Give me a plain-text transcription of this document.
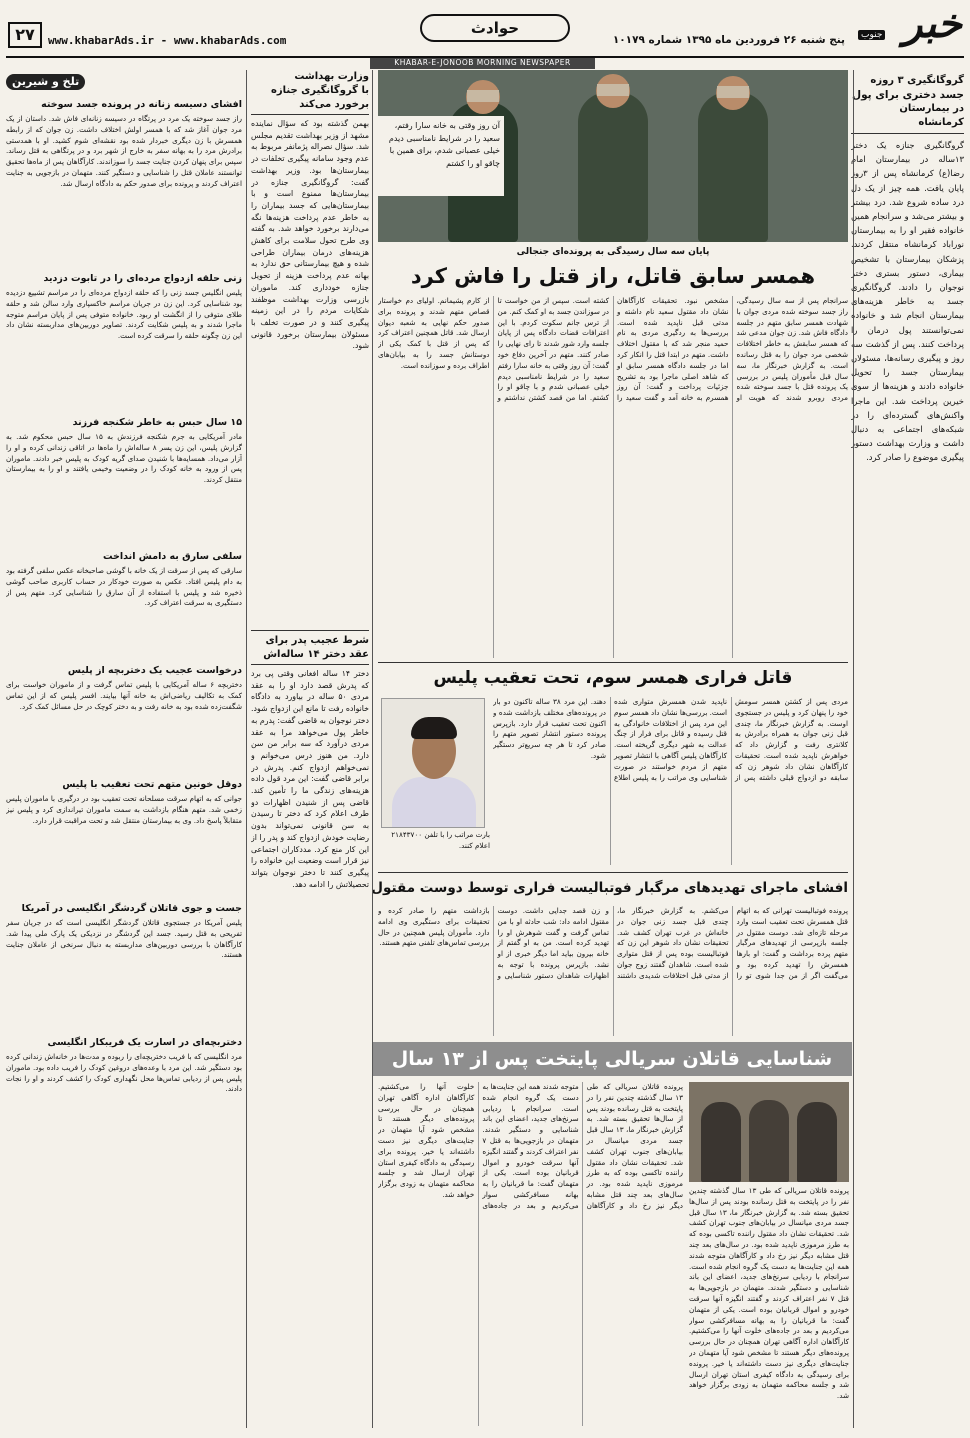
خبر
جنوب
پنج شنبه ۲۶ فروردین ماه ۱۳۹۵ شماره ۱۰۱۷۹
حوادث
www.khabarAds.ir - www.khabarAds.com
۲۷
KHABAR-E-JONOOB MORNING NEWSPAPER
گروگانگیری ۳ روزه
جسد دختری برای پول
در بیمارستان کرمانشاه
گروگانگیری جنازه یک دختر ۱۳ساله در بیمارستان امام رضا(ع) کرمانشاه پس از ۳روز پایان یافت. همه چیز از یک دل درد ساده شروع شد. درد بیشتر و بیشتر می‌شد و سرانجام همین خانواده فقیر او را به بیمارستان نوراباد کرمانشاه منتقل کردند. پزشکان بیمارستان با تشخیص بیماری، دستور بستری دختر نوجوان را دادند. گروگانگیری جسد به خاطر هزینه‌های بیمارستان انجام شد و خانواده نمی‌توانستند پول درمان را پرداخت کنند. پس از گذشت سه روز و پیگیری رسانه‌ها، مسئولان بیمارستان جسد را تحویل خانواده دادند و هزینه‌ها از سوی خیرین پرداخت شد. این ماجرا واکنش‌های گسترده‌ای را در شبکه‌های اجتماعی به دنبال داشت و وزارت بهداشت دستور پیگیری موضوع را صادر کرد.
آن روز وقتی به خانه سارا رفتم، سعید را در شرایط نامناسبی دیدم خیلی عصبانی شدم، برای همین با چاقو او را کشتم
پایان سه سال رسیدگی به پرونده‌ای جنجالی
همسر سابق قاتل، راز قتل را فاش کرد
سرانجام پس از سه سال رسیدگی، راز جسد سوخته شده مردی جوان با شهادت همسر سابق متهم در جلسه دادگاه فاش شد. زن جوان مدعی شد که همسر سابقش به خاطر اختلافات شخصی مرد جوان را به قتل رسانده است. به گزارش خبرنگار ما، سه سال قبل مأموران پلیس در بررسی یک پرونده قتل با جسد سوخته شده مردی روبرو شدند که هویت او مشخص نبود. تحقیقات کارآگاهان نشان داد مقتول سعید نام داشته و مدتی قبل ناپدید شده است. بررسی‌ها به ردگیری مردی به نام حمید منجر شد که با مقتول اختلاف داشت. متهم در ابتدا قتل را انکار کرد اما در جلسه دادگاه همسر سابق او که شاهد اصلی ماجرا بود به تشریح جزئیات پرداخت و گفت: آن روز همسرم به خانه آمد و گفت سعید را کشته است. سپس از من خواست تا در سوزاندن جسد به او کمک کنم. من از ترس جانم سکوت کردم. با این اعترافات قضات دادگاه پس از پایان جلسه وارد شور شدند تا رای نهایی را صادر کنند. متهم در آخرین دفاع خود گفت: آن روز وقتی به خانه سارا رفتم سعید را در شرایط نامناسبی دیدم خیلی عصبانی شدم و با چاقو او را کشتم. اما من قصد کشتن نداشتم و از کارم پشیمانم. اولیای دم خواستار قصاص متهم شدند و پرونده برای صدور حکم نهایی به شعبه دیوان ارسال شد. قاتل همچنین اعتراف کرد که پس از قتل با کمک یکی از دوستانش جسد را به بیابان‌های اطراف برده و سوزانده است.
قاتل فراری همسر سوم، تحت تعقیب پلیس
مردی پس از کشتن همسر سومش خود را پنهان کرد و پلیس در جستجوی اوست. به گزارش خبرنگار ما، چندی قبل زنی جوان به همراه برادرش به کلانتری رفت و گزارش داد که خواهرش ناپدید شده است. تحقیقات کارآگاهان نشان داد شوهر زن که سابقه دو ازدواج قبلی داشته پس از ناپدید شدن همسرش متواری شده است. بررسی‌ها نشان داد همسر سوم این مرد پس از اختلافات خانوادگی به قتل رسیده و قاتل برای فرار از چنگ عدالت به شهر دیگری گریخته است. کارآگاهان پلیس آگاهی با انتشار تصویر متهم از مردم خواستند در صورت شناسایی وی مراتب را به پلیس اطلاع دهند. این مرد ۳۸ ساله تاکنون دو بار در پرونده‌های مختلف بازداشت شده و اکنون تحت تعقیب قرار دارد. بازپرس پرونده دستور انتشار تصویر متهم را صادر کرد تا هر چه سریع‌تر دستگیر شود.
بارت مراتب را با تلفن ۲۱۸۴۳۷۰۰ اعلام کنند.
افشای ماجرای تهدیدهای مرگبار فوتبالیست فراری توسط دوست مقتول
پرونده فوتبالیست تهرانی که به اتهام قتل همسرش تحت تعقیب است وارد مرحله تازه‌ای شد. دوست مقتول در جلسه بازپرسی از تهدیدهای مرگبار متهم پرده برداشت و گفت: او بارها همسرش را تهدید کرده بود و می‌گفت اگر از من جدا شوی تو را می‌کشم. به گزارش خبرنگار ما، چندی قبل جسد زنی جوان در خانه‌اش در غرب تهران کشف شد. تحقیقات نشان داد شوهر این زن که فوتبالیست بوده پس از قتل متواری شده است. شاهدان گفتند زوج جوان از مدتی قبل اختلافات شدیدی داشتند و زن قصد جدایی داشت. دوست مقتول ادامه داد: شب حادثه او با من تماس گرفت و گفت شوهرش او را تهدید کرده است. من به او گفتم از خانه بیرون بیاید اما دیگر خبری از او نشد. بازپرس پرونده با توجه به اظهارات شاهدان دستور شناسایی و بازداشت متهم را صادر کرده و تحقیقات برای دستگیری وی ادامه دارد. مأموران پلیس همچنین در حال بررسی تماس‌های تلفنی متهم هستند.
شناسایی قاتلان سریالی پایتخت پس از ۱۳ سال
پرونده قاتلان سریالی که طی ۱۳ سال گذشته چندین نفر را در پایتخت به قتل رسانده بودند پس از سال‌ها تحقیق بسته شد. به گزارش خبرنگار ما، ۱۳ سال قبل جسد مردی میانسال در بیابان‌های جنوب تهران کشف شد. تحقیقات نشان داد مقتول راننده تاکسی بوده که به طرز مرموزی ناپدید شده بود. در سال‌های بعد چند قتل مشابه دیگر نیز رخ داد و کارآگاهان متوجه شدند همه این جنایت‌ها به دست یک گروه انجام شده است. سرانجام با ردیابی سرنخ‌های جدید، اعضای این باند شناسایی و دستگیر شدند. متهمان در بازجویی‌ها به قتل ۷ نفر اعتراف کردند و گفتند انگیزه آنها سرقت خودرو و اموال قربانیان بوده است. یکی از متهمان گفت: ما قربانیان را به بهانه مسافرکشی سوار می‌کردیم و بعد در جاده‌های خلوت آنها را می‌کشتیم. کارآگاهان اداره آگاهی تهران همچنان در حال بررسی پرونده‌های دیگر هستند تا مشخص شود آیا متهمان در جنایت‌های دیگری نیز دست داشته‌اند یا خیر. پرونده برای رسیدگی به دادگاه کیفری استان تهران ارسال شد و جلسه محاکمه متهمان به زودی برگزار خواهد شد.
پرونده قاتلان سریالی که طی ۱۳ سال گذشته چندین نفر را در پایتخت به قتل رسانده بودند پس از سال‌ها تحقیق بسته شد. به گزارش خبرنگار ما، ۱۳ سال قبل جسد مردی میانسال در بیابان‌های جنوب تهران کشف شد. تحقیقات نشان داد مقتول راننده تاکسی بوده که به طرز مرموزی ناپدید شده بود. در سال‌های بعد چند قتل مشابه دیگر نیز رخ داد و کارآگاهان متوجه شدند همه این جنایت‌ها به دست یک گروه انجام شده است. سرانجام با ردیابی سرنخ‌های جدید، اعضای این باند شناسایی و دستگیر شدند. متهمان در بازجویی‌ها به قتل ۷ نفر اعتراف کردند و گفتند انگیزه آنها سرقت خودرو و اموال قربانیان بوده است. یکی از متهمان گفت: ما قربانیان را به بهانه مسافرکشی سوار می‌کردیم و بعد در جاده‌های خلوت آنها را می‌کشتیم. کارآگاهان اداره آگاهی تهران همچنان در حال بررسی پرونده‌های دیگر هستند تا مشخص شود آیا متهمان در جنایت‌های دیگری نیز دست داشته‌اند یا خیر. پرونده برای رسیدگی به دادگاه کیفری استان تهران ارسال شد و جلسه محاکمه متهمان به زودی برگزار خواهد شد.
وزارت بهداشت
با گروگانگیری جنازه
برخورد می‌کند
بهمن گذشته بود که سؤال نماینده مشهد از وزیر بهداشت تقدیم مجلس شد. سؤال نصراله پژمانفر مربوط به عدم وجود سامانه پیگیری تخلفات در بیمارستان‌ها بود. وزیر بهداشت گفت: گروگانگیری جنازه در بیمارستان‌ها ممنوع است و با بیمارستان‌هایی که جسد بیماران را به خاطر عدم پرداخت هزینه‌ها نگه می‌دارند برخورد خواهد شد. به گفته وی طرح تحول سلامت برای کاهش هزینه‌های درمان بیماران طراحی شده و هیچ بیمارستانی حق ندارد به بهانه عدم پرداخت هزینه از تحویل جنازه خودداری کند. ماموران بازرسی وزارت بهداشت موظفند شکایات مردم را در این زمینه پیگیری کنند و در صورت تخلف با مسئولان بیمارستان برخورد قانونی شود.
شرط عجیب پدر برای
عقد دختر ۱۴ ساله‌اش
دختر ۱۴ ساله افغانی وقتی پی برد که پدرش قصد دارد او را به عقد مردی ۵۰ ساله در بیاورد به دادگاه خانواده رفت تا مانع این ازدواج شود. دختر نوجوان به قاضی گفت: پدرم به خاطر پول می‌خواهد مرا به عقد مردی درآورد که سه برابر من سن دارد. من هنوز درس می‌خوانم و نمی‌خواهم ازدواج کنم. پدرش در برابر قاضی گفت: این مرد قول داده هزینه‌های زندگی ما را تأمین کند. قاضی پس از شنیدن اظهارات دو طرف اعلام کرد که دختر تا رسیدن به سن قانونی نمی‌تواند بدون رضایت خودش ازدواج کند و پدر را از این کار منع کرد. مددکاران اجتماعی نیز قرار است وضعیت این خانواده را پیگیری کنند تا دختر نوجوان بتواند تحصیلاتش را ادامه دهد.
تلخ و شیرین
افشای دسیسه زنانه در پرونده جسد سوخته
راز جسد سوخته یک مرد در پرتگاه در دسیسه زنانه‌ای فاش شد. داستان از یک مرد جوان آغاز شد که با همسر اولش اختلاف داشت. زن جوان که از رابطه همسرش با زن دیگری خبردار شده بود نقشه‌ای شوم کشید. او با همدستی برادرش مرد را به بهانه سفر به خارج از شهر برد و در پرتگاهی به قتل رساند. سپس برای پنهان کردن جنایت جسد را سوزاندند. کارآگاهان پس از ماه‌ها تحقیق توانستند عاملان قتل را شناسایی و دستگیر کنند. متهمان در بازجویی به جنایت اعتراف کردند و پرونده برای صدور حکم به دادگاه ارسال شد.
زنی حلقه ازدواج مرده‌ای را در تابوت دزدید
پلیس انگلیس جسد زنی را که حلقه ازدواج مرده‌ای را در مراسم تشییع دزدیده بود شناسایی کرد. این زن در جریان مراسم خاکسپاری وارد سالن شد و حلقه طلای متوفی را از انگشت او ربود. خانواده متوفی پس از پایان مراسم متوجه ماجرا شدند و به پلیس شکایت کردند. تصاویر دوربین‌های مداربسته نشان داد این زن چگونه حلقه را سرقت کرده است.
۱۵ سال حبس به خاطر شکنجه فرزند
مادر آمریکایی به جرم شکنجه فرزندش به ۱۵ سال حبس محکوم شد. به گزارش پلیس، این زن پسر ۸ ساله‌اش را ماه‌ها در اتاقی زندانی کرده و او را آزار می‌داد. همسایه‌ها با شنیدن صدای گریه کودک به پلیس خبر دادند. ماموران پس از ورود به خانه کودک را در وضعیت وخیمی یافتند و او را به بیمارستان منتقل کردند.
سلفی سارق به دامش انداخت
سارقی که پس از سرقت از یک خانه با گوشی صاحبخانه عکس سلفی گرفته بود به دام پلیس افتاد. عکس به صورت خودکار در حساب کاربری صاحب گوشی ذخیره شد و پلیس با استفاده از آن سارق را شناسایی کرد. متهم پس از دستگیری به سرقت اعتراف کرد.
درخواست عجیب یک دختربچه از پلیس
دختربچه ۶ ساله آمریکایی با پلیس تماس گرفت و از ماموران خواست برای کمک به تکالیف ریاضی‌اش به خانه آنها بیایند. افسر پلیس که از این تماس شگفت‌زده شده بود به خانه رفت و به دختر کوچک در حل مسائل کمک کرد.
دوقل خونین متهم تحت تعقیب با پلیس
جوانی که به اتهام سرقت مسلحانه تحت تعقیب بود در درگیری با ماموران پلیس زخمی شد. متهم هنگام بازداشت به سمت ماموران تیراندازی کرد و پلیس نیز متقابلاً پاسخ داد. وی به بیمارستان منتقل شد و تحت مراقبت قرار دارد.
جست و جوی قاتلان گردشگر انگلیسی در آمریکا
پلیس آمریکا در جستجوی قاتلان گردشگر انگلیسی است که در جریان سفر تفریحی به قتل رسید. جسد این گردشگر در نزدیکی یک پارک ملی پیدا شد. کارآگاهان با بررسی دوربین‌های مداربسته به دنبال سرنخی از عاملان جنایت هستند.
دختربچه‌ای در اسارت یک فریبکار انگلیسی
مرد انگلیسی که با فریب دختربچه‌ای را ربوده و مدت‌ها در خانه‌اش زندانی کرده بود دستگیر شد. این مرد با وعده‌های دروغین کودک را فریب داده بود. ماموران پلیس پس از ردیابی تماس‌ها محل نگهداری کودک را کشف کردند و او را نجات دادند.
